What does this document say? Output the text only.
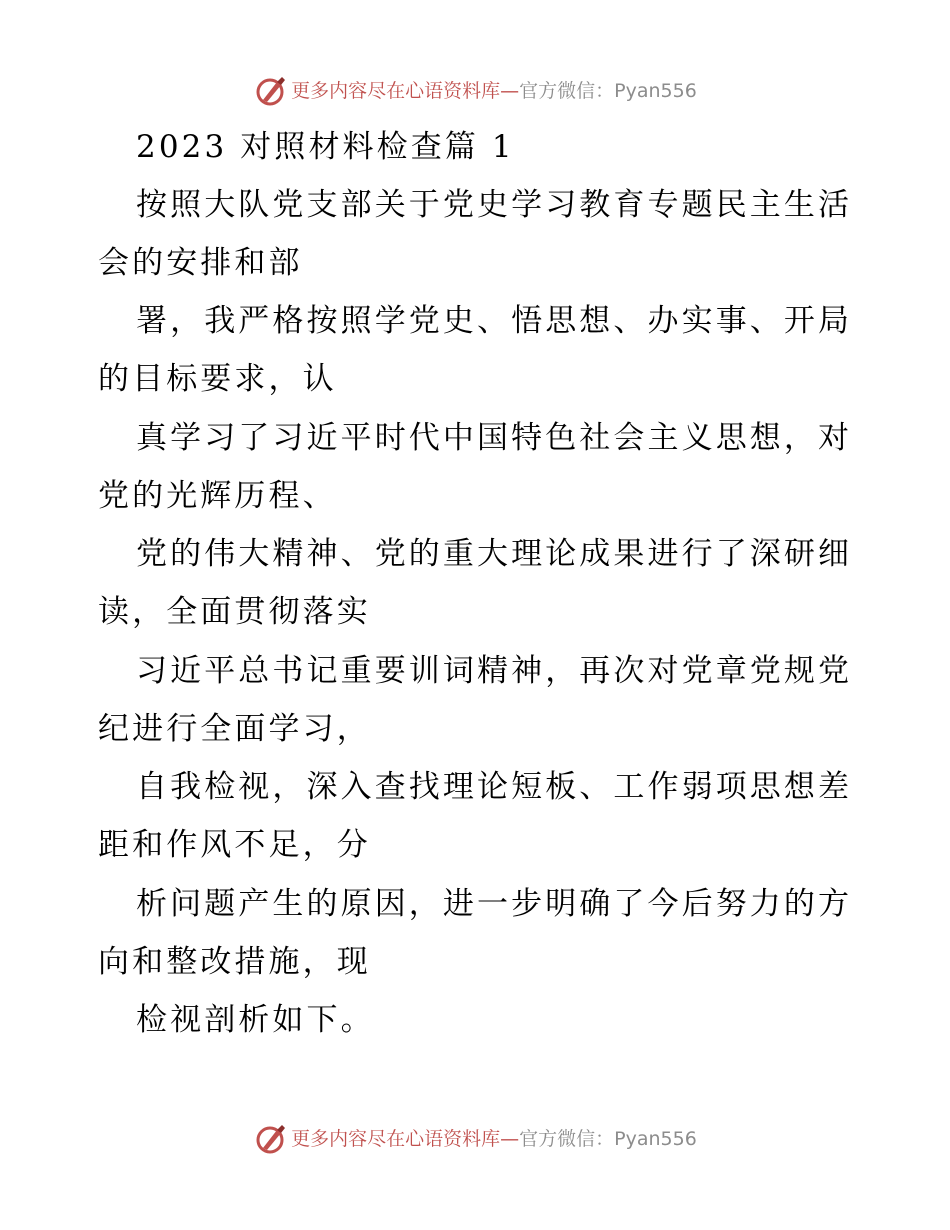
更多内容尽在心语资料库 — 官方微信：Pyan556
2023 对照材料检查篇 1
按照大队党支部关于党史学习教育专题民主生活
会的安排和部
署，我严格按照学党史、悟思想、办实事、开局
的目标要求，认
真学习了习近平时代中国特色社会主义思想，对
党的光辉历程、
党的伟大精神、党的重大理论成果进行了深研细
读，全面贯彻落实
习近平总书记重要训词精神，再次对党章党规党
纪进行全面学习，
自我检视，深入查找理论短板、工作弱项思想差
距和作风不足，分
析问题产生的原因，进一步明确了今后努力的方
向和整改措施，现
检视剖析如下。
更多内容尽在心语资料库 — 官方微信：Pyan556
